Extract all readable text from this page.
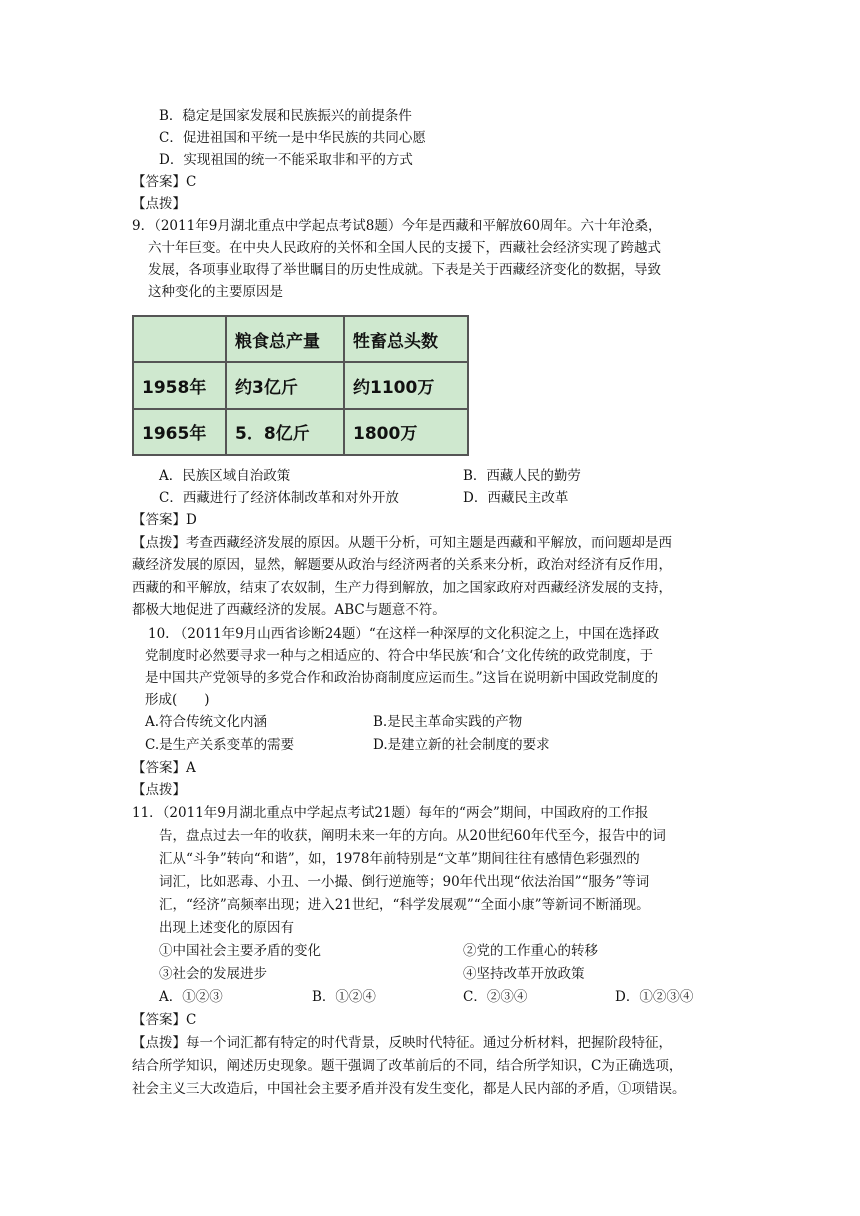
B．稳定是国家发展和民族振兴的前提条件
C．促进祖国和平统一是中华民族的共同心愿
D．实现祖国的统一不能采取非和平的方式
【答案】C
【点拨】
9．（2011年9月湖北重点中学起点考试8题）今年是西藏和平解放60周年。六十年沧桑，
六十年巨变。在中央人民政府的关怀和全国人民的支援下，西藏社会经济实现了跨越式
发展，各项事业取得了举世瞩目的历史性成就。下表是关于西藏经济变化的数据，导致
这种变化的主要原因是
	粮食总产量	牲畜总头数
1958年	约3亿斤	约1100万
1965年	5．8亿斤	1800万
A．民族区域自治政策	B．西藏人民的勤劳
C．西藏进行了经济体制改革和对外开放	D．西藏民主改革
【答案】D
【点拨】考查西藏经济发展的原因。从题干分析，可知主题是西藏和平解放，而问题却是西
藏经济发展的原因，显然，解题要从政治与经济两者的关系来分析，政治对经济有反作用，
西藏的和平解放，结束了农奴制，生产力得到解放，加之国家政府对西藏经济发展的支持，
都极大地促进了西藏经济的发展。ABC与题意不符。
10. （2011年9月山西省诊断24题）“在这样一种深厚的文化积淀之上，中国在选择政
党制度时必然要寻求一种与之相适应的、符合中华民族‘和合’文化传统的政党制度，于
是中国共产党领导的多党合作和政治协商制度应运而生。”这旨在说明新中国政党制度的
形成(　　)
A.符合传统文化内涵	B.是民主革命实践的产物
C.是生产关系变革的需要	D.是建立新的社会制度的要求
【答案】A
【点拨】
11．（2011年9月湖北重点中学起点考试21题）每年的“两会”期间，中国政府的工作报
告，盘点过去一年的收获，阐明未来一年的方向。从20世纪60年代至今，报告中的词
汇从“斗争”转向“和谐”，如，1978年前特别是“文革”期间往往有感情色彩强烈的
词汇，比如恶毒、小丑、一小撮、倒行逆施等；90年代出现“依法治国”“服务”等词
汇，“经济”高频率出现；进入21世纪，“科学发展观”“全面小康”等新词不断涌现。
出现上述变化的原因有
①中国社会主要矛盾的变化	②党的工作重心的转移
③社会的发展进步	④坚持改革开放政策
A．①②③	B．①②④	C．②③④	D．①②③④
【答案】C
【点拨】每一个词汇都有特定的时代背景，反映时代特征。通过分析材料，把握阶段特征，
结合所学知识，阐述历史现象。题干强调了改革前后的不同，结合所学知识，C为正确选项，
社会主义三大改造后，中国社会主要矛盾并没有发生变化，都是人民内部的矛盾，①项错误。
